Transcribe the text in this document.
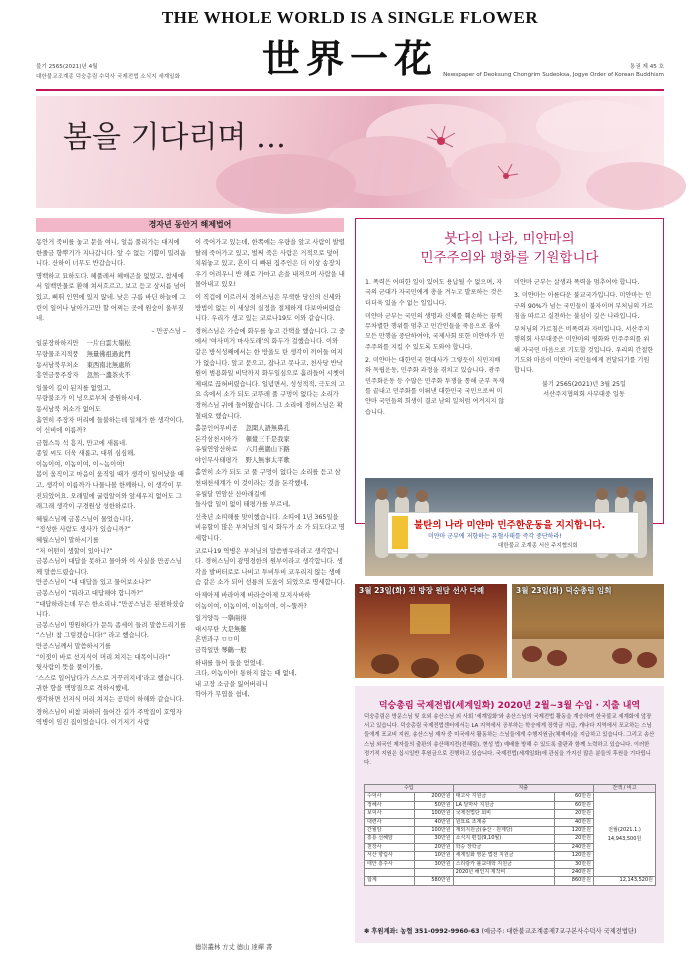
THE WHOLE WORLD IS A SINGLE FLOWER
世界一花
불기 2565(2021)년 4월
대한불교조계종 덕숭총림 수덕사 국제전법 소식지 세계일화
통권 제 45 호
Newspaper of Deoksung Chongrim Sudeoksa, Jogye Order of Korean Buddhism
봄을 기다리며 …
경자년 동안거 해제법어

동안거 죽비를 놓고 문을 여니, 얼음 풀리가는 대지에 한줄금 향뿌기가 지나갑니다. 앞 수 없는 기쁨이 밀려옵니다. 산하이 너무도 반갑습니다.

명백하고 묘하도다. 헤풀레서 헤매곤을 없었고, 참세에서 일백만물로 환해 쳐서흐르고, 보고 듣고 상서름 넘어있고, 삐뛰 인연에 있지 않네. 낮은 구름 바딘 하늘에 그린이 일어나 날아가고만 할 어찌는 곳에 원숭이 울부짖네.

– 만공스님 –

일분장하하지만    一片白雲大嶺松
무량물조지적풍    無量佛祖過此門
동서남북무처소    東西南北無處所
흥연금풍주장자    忽然一盞茶火不

일물이 길이 된지를 없었고,
무량불조가 이 넝으로부처 중원하시네.
동서남북 처소가 없어도
흘연히 주장자 머리에 들불하는데 일체가 한 생각이다, 이 신비에 이름까?

금협스득 석 흥지, 만고에 새롭네.
종일 씨도 더욱 새롭고, 대위 심심해,
이놈이여, 이놈이여, 이~놈이여!
봄이 움직이고 마음이 움직일 때가 생각이 일어났을 때고, 생각이 이름까가 나물나볼 한께하니, 이 생각이 무진되었어요. 오래밑에 굴림알이와 앞세우지 없어도 그래그래 생각이 구경원상 성한하로다.

혜월스님께 금봉스님이 물었습니다,
“정성한 사람도 생사가 있습니까?”
혜월스님이 말하시기를
“저 어떤이 생할이 있아니?”
금봉스님이 대답을 못하고 물아와 이 사실을 만공스님께 말씀드렸습니다.
만공스님이 “내 대답을 있고 물어보소나?”
금봉스님이 “뭐라고 대답해야 합니까?”
“대답하라는데 무슨 한소리냐.”만공스님은 된편하셨습니다.
금봉스님이 명원하다가 문득 좀세이 들려 말씀드리기를
“스님! 참 그렇겠습니다!” 라고 했습니다.
만공스님께서 말씀하시기를
“이젓이 바로 선지식이 머리 쳐지는 대목이니라!”
뒷사람이 뜻을 풀이기를,
‘스스로 일어납다가 스스로 거꾸러지네’라고 했습니다.
귀한 향을 맥망질으로 격하시했네,
생각하면 선지식 머리 쳐지는 공덕이 하해와 같습니다.

경허스님이 비참 파하러 들어간 길가 주막집이 호영자 역병이 임진 집이었습니다. 이기저기 사람

이 죽어가고 있는데, 한쪽에는 우량을 앞고 사람이 발렬 탈레 죽어가고 있고, 벌써 죽은 사람은 거적으로 덮어 치워놓고 있고, 흔이 디 빠된 집주인은 더 이상 송장치우기 어려우니 반 해로 가마고 손을 내져으며 사람을 내몰아내고 있오!

이 직겁에 이르러서 경허스님은 무색한 당신의 신세와 방법이 없는 이 세상의 실정을 절체하게 다보아버렸습니다. 우리가 생고 있는 코로나19도 이와 같습니다.

경허스님은 가슴에 화두를 놓고 간택을 했습니다. 그 중에서 '여사미거 마사도래'의 화두가 걸했습니다. 이와 같은 방식성째에서는 한 방울도 탄 생각이 끼어들 여지가 없습니다. 앞고 묻으고, 잡나고 못나고, 천사당 반낙원이 범용화일 비닥까지 화두일심으로 흘려들어 시쳇이 제대로 끊혀버렸습니다. 일념면서, 성성적적, 극도의 고요 속에서 소가 되도 코뚜레 풀 구멍이 없다는 소리가 경허스님 귀에 들어왔습니다. 그 소리에 경허스님은 확철대오 했습니다.

홀문인어무비공    忽聞人語無鼻孔
돈각삼천시아가    頓覺三千是我家
유월연암산하로    六月燕巖山下路
야인무사태평가    野人無事太平歌

홀연히 소가 되도 코 풀 구멍이 없다는 소리를 듣고 삼천대천세계가 이 것이라는 것을 돈각했네,
유월달 연암산 산아래길에
들사람 일이 없이 태평가를 부르네,

신축년 소띠해를 맞이했습니다. 소띠에 1년 365일을 비유할이 많은 부처님의 일시 화두가 소 가 되도다고 명세합니다.

코로나19 역병은 부처님의 말씀범우라라고 생각합니다. 경허스님이 광명경한의 원부이라고 생각합니다. 생각을 발버터로로 나비고 투비투비 코우리지 않는 생애슴 같은 소가 되어 선룡의 도움이 되었으로 명세합니다.

아제아제 바라아제 바라승아제 모지사바하
이놈이여, 이놈이여, 이놈이여, 이~뚤까?

일거양득 一擧兩得
대시무탄 大是無難
흔번과구 ㅁㅁ미
금학일만 琴鶴一般

하내를 들어 들을 얻었네.
크다, 이놈이어! 통하지 않는 때 없네,
내 고장 소금을 잃어버리니
학아가 무엽을 쉽네,

德崇叢林 方丈 德山 達禪 書
붓다의 나라, 미얀마의
민주주의와 평화를 기원합니다

1. 폭력은 어떠한 일이 있어도 용납될 수 없으며, 자국의 군대가 자국민에게 총을 겨누고 발포하는 것은 더더욱 있을 수 없는 일입니다.

미얀마 군부는 국민의 생명과 신체를 훼손하는 끔찍 무차별한 행위를 멈추고 민간인들을 죽음으로 몰아 모든 만행을 중단하여야, 국제사회 또한 미얀마가 민주주의를 지킬 수 있도록 도와야 합니다.

2. 미얀마는 대한민국 현대사가 그렇듯이 식민지배와 독립운동, 민주화 과정을 겪치고 있습니다. 광주 민주화운동 등 수많은 민주화 투쟁을 통해 군부 독재를 끝내고 민주화를 이뤄낸 대한민국 국민으로써 미얀마 국민들의 희생이 결코 남의 일처럼 여겨지지 않습니다.

미얀마 군부는 살생과 폭력을 멈추어야 합니다.

3. 미얀마는 아름다운 불교국가입니다. 미얀마는 인구의 90%가 넘는 국민들이 불자이며 부처님의 가르침을 따르고 실천하는 불심이 깊은 나라입니다.

부처님의 가르침은 비폭력과 자비입니다. 서산주지행의회 사부대중은 미얀마의 평화와 민주주의를 위해 자국민 마음으로 기도할 것입니다. 우리의 간절한 기도와 마음이 미얀마 국민들에게 전달되기를 기원합니다.

불기 2565(2021)년 3월 25일
서산주지협의회 사부대중 일동

불탄의 나라 미얀마 민주한운동을 지지합니다.
미얀마 군부에 저항하는 유혈사태를 즉각 중단하라!
대한불교 조계종 서산 주지협의회
3월 23일(화) 전 방장 원담 선사 다례	3월 23일(화) 덕숭총림 임회
덕숭총림 국제전법(세계일화) 2020년 2월~3월 수입 · 지출 내역
덕숭총림은 방문스님 및 호외 송산스님 외 사회 '세계일화'와 송산스님의 국제전법 활동을 계승하며 한국불교 세계화에 앞장서고 있습니다. 덕숭총림 국제전법센터에서는 LA 지역에서 공부하는 학승에게 장학금 지급, 캐나다 지역에서 포교하는 스님들에게 포교비 지원, 송산스님 제자 중 미국에서 활동하는 스님들에게 수행지원금(체재비)을 지급하고 있습니다. 그리고 송산스님 외국인 제자들의 출판의 송산해지전(전혜림), 현성 법) 예배를 방해 수 있도록 출판과 함께 노력하고 있습니다. 이러한 정기적 지원은 십시일반 후원금으로 진행하고 있습니다. 국제전법(세계일화)에 관심을 가지신 많은 분들의 후원을 기다립니다.
수입		지출		잔액 / 비고
수덕사	200만원	태고사 지원금	60만원	전월(2021.1.)
14,943,500원

정혜사	50만원	LA 달마사 지원금	60만원	
보덕사	100만원	국제전법단 회비	20만원	
대련사	40만원	원묘료 조계종	40만원	
간월암	100만원	재외지원금(송산 · 원제당)	120만원	
흥룡 선혜암	30만원	소식지 편집(9,10월)	20만원	
천장사	20만원	학승 장학금	240만원	
서산 향림사	10만원	세계일화 영문 법전 지원금	120만원	
태안 흥주사	30만원	스리랑카 불교대학 지원금	30만원	
		2020년 해인지 제작비	240만원	
합계	580만원		860만원	12,143,520원
✽ 후원계좌: 농협 351-0992-9960-63 (예금주: 대한불교조계종제7교구본사수덕사 국제전법단)
